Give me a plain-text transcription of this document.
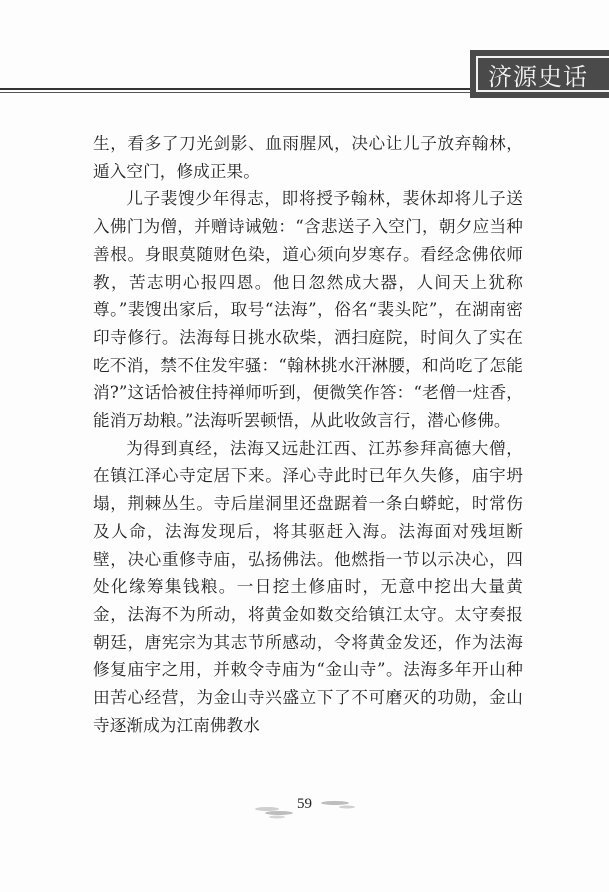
济源史话

生，看多了刀光剑影、血雨腥风，决心让儿子放弃翰林，遁入空门，修成正果。

儿子裴馊少年得志，即将授予翰林，裴休却将儿子送入佛门为僧，并赠诗诫勉：“含悲送子入空门，朝夕应当种善根。身眼莫随财色染，道心须向岁寒存。看经念佛依师教，苦志明心报四恩。他日忽然成大器，人间天上犹称尊。”裴馊出家后，取号“法海”，俗名“裴头陀”，在湖南密印寺修行。法海每日挑水砍柴，洒扫庭院，时间久了实在吃不消，禁不住发牢骚：“翰林挑水汗淋腰，和尚吃了怎能消?”这话恰被住持禅师听到，便微笑作答：“老僧一炷香，能消万劫粮。”法海听罢顿悟，从此收敛言行，潜心修佛。

为得到真经，法海又远赴江西、江苏参拜高德大僧，在镇江泽心寺定居下来。泽心寺此时已年久失修，庙宇坍塌，荆棘丛生。寺后崖洞里还盘踞着一条白蟒蛇，时常伤及人命，法海发现后，将其驱赶入海。法海面对残垣断壁，决心重修寺庙，弘扬佛法。他燃指一节以示决心，四处化缘筹集钱粮。一日挖土修庙时，无意中挖出大量黄金，法海不为所动，将黄金如数交给镇江太守。太守奏报朝廷，唐宪宗为其志节所感动，令将黄金发还，作为法海修复庙宇之用，并敕令寺庙为“金山寺”。法海多年开山种田苦心经营，为金山寺兴盛立下了不可磨灭的功勋，金山寺逐渐成为江南佛教水

59
